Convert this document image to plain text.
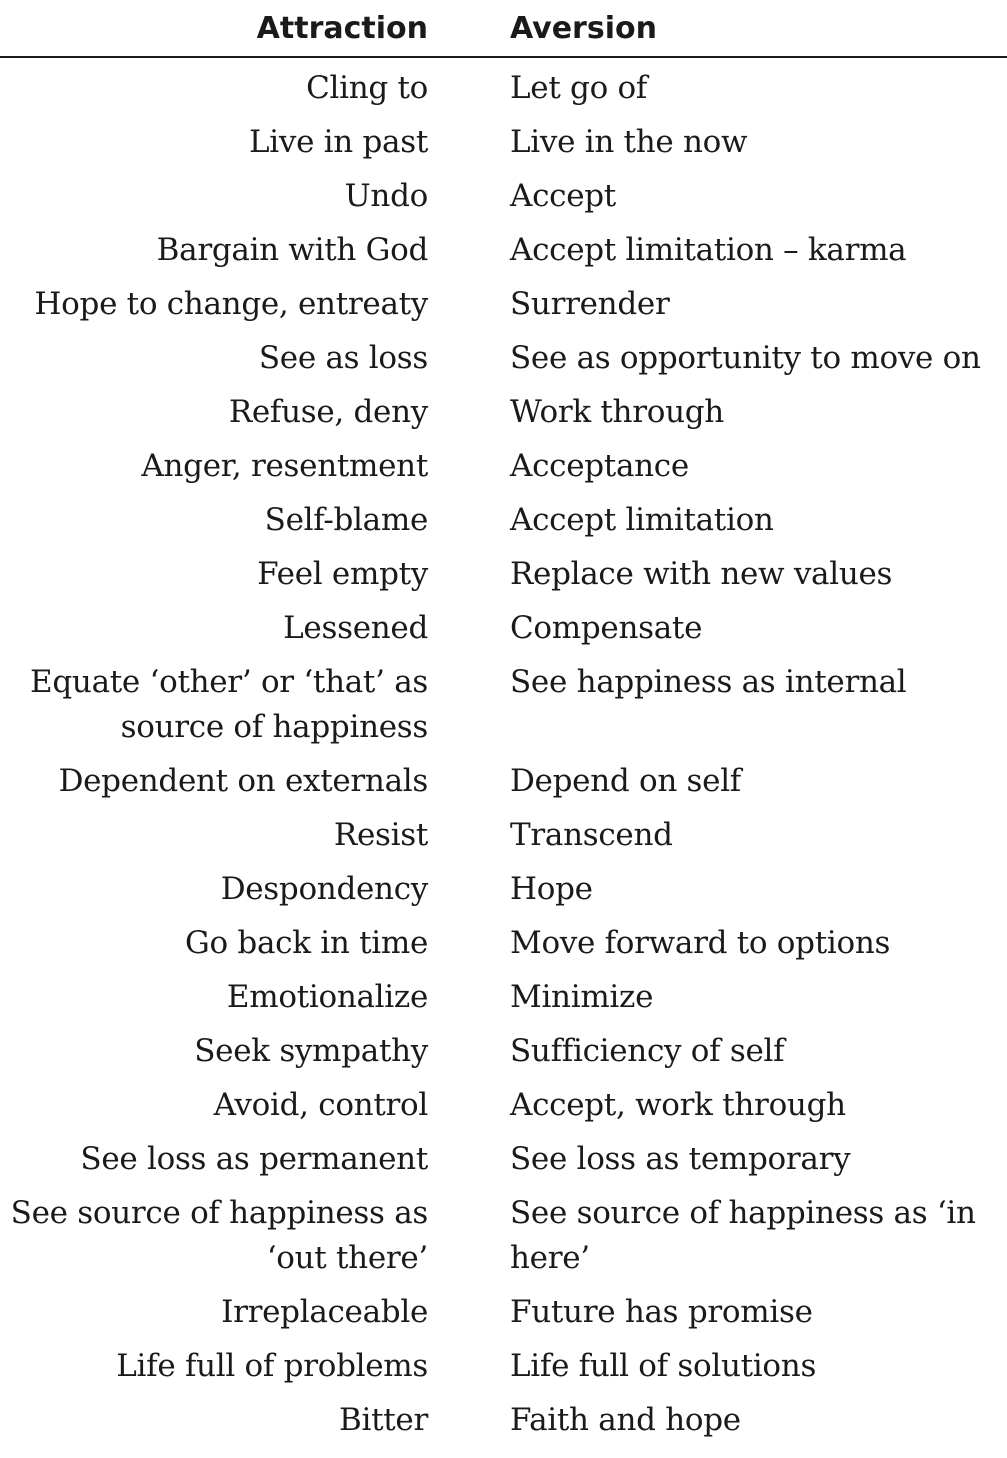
Attraction		Aversion
Cling to		Let go of
Live in past		Live in the now
Undo		Accept
Bargain with God		Accept limitation – karma
Hope to change, entreaty		Surrender
See as loss		See as opportunity to move on
Refuse, deny		Work through
Anger, resentment		Acceptance
Self-blame		Accept limitation
Feel empty		Replace with new values
Lessened		Compensate
Equate ‘other’ or ‘that’ as source of happiness		See happiness as internal
Dependent on externals		Depend on self
Resist		Transcend
Despondency		Hope
Go back in time		Move forward to options
Emotionalize		Minimize
Seek sympathy		Sufficiency of self
Avoid, control		Accept, work through
See loss as permanent		See loss as temporary
See source of happiness as ‘out there’		See source of happiness as ‘in here’
Irreplaceable		Future has promise
Life full of problems		Life full of solutions
Bitter		Faith and hope
